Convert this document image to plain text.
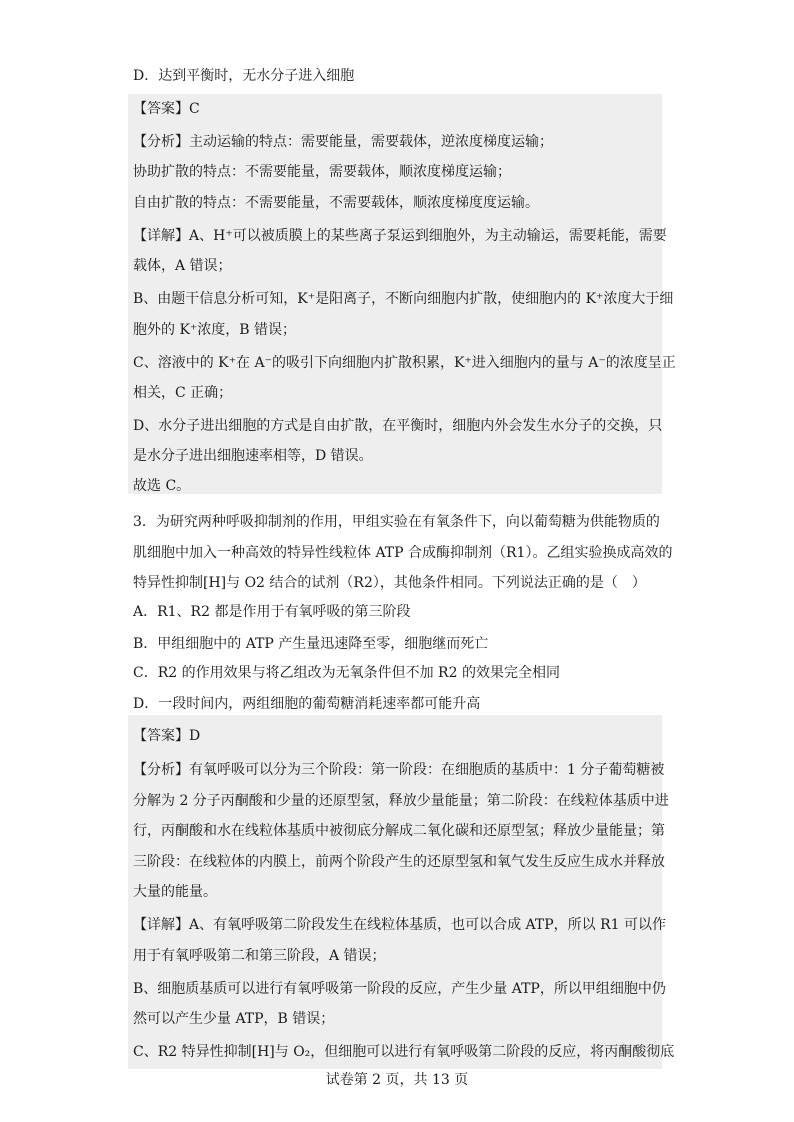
D．达到平衡时，无水分子进入细胞
【答案】C
【分析】主动运输的特点：需要能量，需要载体，逆浓度梯度运输；
协助扩散的特点：不需要能量，需要载体，顺浓度梯度运输；
自由扩散的特点：不需要能量，不需要载体，顺浓度梯度度运输。
【详解】A、H⁺可以被质膜上的某些离子泵运到细胞外，为主动输运，需要耗能，需要
载体，A 错误；
B、由题干信息分析可知，K⁺是阳离子，不断向细胞内扩散，使细胞内的 K⁺浓度大于细
胞外的 K⁺浓度，B 错误；
C、溶液中的 K⁺在 A⁻的吸引下向细胞内扩散积累，K⁺进入细胞内的量与 A⁻的浓度呈正
相关，C 正确；
D、水分子进出细胞的方式是自由扩散，在平衡时，细胞内外会发生水分子的交换，只
是水分子进出细胞速率相等，D 错误。
故选 C。
3．为研究两种呼吸抑制剂的作用，甲组实验在有氧条件下，向以葡萄糖为供能物质的
肌细胞中加入一种高效的特异性线粒体 ATP 合成酶抑制剂（R1）。乙组实验换成高效的
特异性抑制[H]与 O2 结合的试剂（R2），其他条件相同。下列说法正确的是（　）
A．R1、R2 都是作用于有氧呼吸的第三阶段
B．甲组细胞中的 ATP 产生量迅速降至零，细胞继而死亡
C．R2 的作用效果与将乙组改为无氧条件但不加 R2 的效果完全相同
D．一段时间内，两组细胞的葡萄糖消耗速率都可能升高
【答案】D
【分析】有氧呼吸可以分为三个阶段：第一阶段：在细胞质的基质中：1 分子葡萄糖被
分解为 2 分子丙酮酸和少量的还原型氢，释放少量能量；第二阶段：在线粒体基质中进
行，丙酮酸和水在线粒体基质中被彻底分解成二氧化碳和还原型氢；释放少量能量；第
三阶段：在线粒体的内膜上，前两个阶段产生的还原型氢和氧气发生反应生成水并释放
大量的能量。
【详解】A、有氧呼吸第二阶段发生在线粒体基质，也可以合成 ATP，所以 R1 可以作
用于有氧呼吸第二和第三阶段，A 错误；
B、细胞质基质可以进行有氧呼吸第一阶段的反应，产生少量 ATP，所以甲组细胞中仍
然可以产生少量 ATP，B 错误；
C、R2 特异性抑制[H]与 O₂，但细胞可以进行有氧呼吸第二阶段的反应，将丙酮酸彻底
试卷第 2 页，共 13 页
